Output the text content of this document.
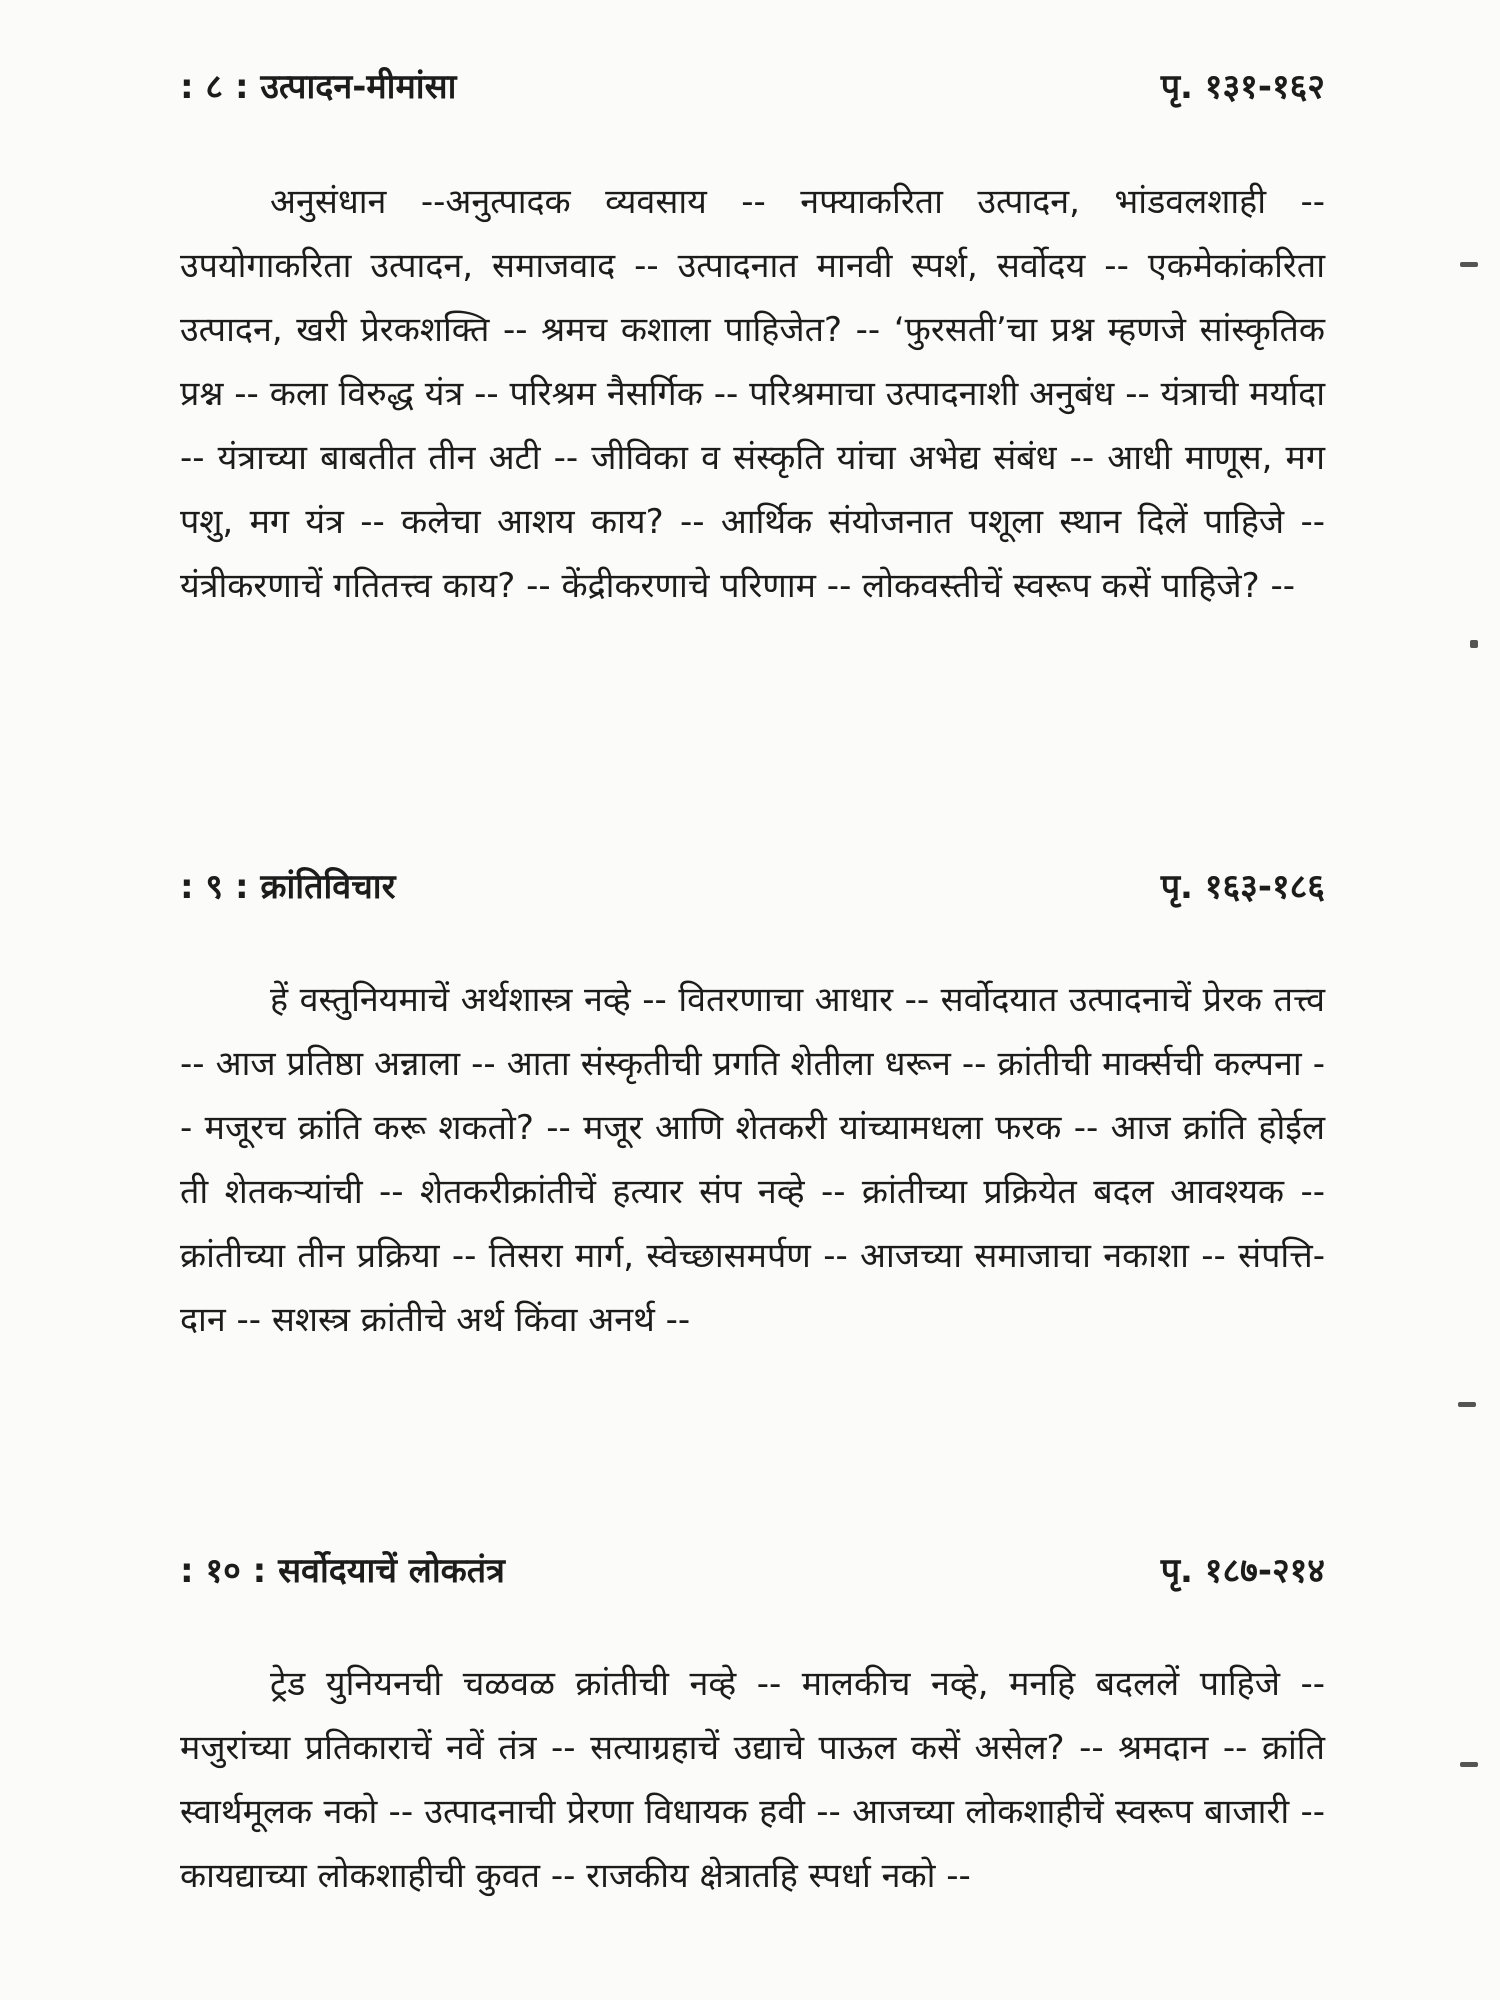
: ८ : उत्पादन-मीमांसा	पृ. १३१-१६२

अनुसंधान --अनुत्पादक व्यवसाय -- नफ्याकरिता उत्पादन, भांडवलशाही -- उपयोगाकरिता उत्पादन, समाजवाद -- उत्पादनात मानवी स्पर्श, सर्वोदय -- एकमेकांकरिता उत्पादन, खरी प्रेरकशक्ति -- श्रमच कशाला पाहिजेत? -- ‘फुरसती’चा प्रश्न म्हणजे सांस्कृतिक प्रश्न -- कला विरुद्ध यंत्र -- परिश्रम नैसर्गिक -- परिश्रमाचा उत्पादनाशी अनुबंध -- यंत्राची मर्यादा -- यंत्राच्या बाबतीत तीन अटी -- जीविका व संस्कृति यांचा अभेद्य संबंध -- आधी माणूस, मग पशु, मग यंत्र -- कलेचा आशय काय? -- आर्थिक संयोजनात पशूला स्थान दिलें पाहिजे -- यंत्रीकरणाचें गतितत्त्व काय? -- केंद्रीकरणाचे परिणाम -- लोकवस्तीचें स्वरूप कसें पाहिजे? --

: ९ : क्रांतिविचार	पृ. १६३-१८६

हें वस्तुनियमाचें अर्थशास्त्र नव्हे -- वितरणाचा आधार -- सर्वोदयात उत्पादनाचें प्रेरक तत्त्व -- आज प्रतिष्ठा अन्नाला -- आता संस्कृतीची प्रगति शेतीला धरून -- क्रांतीची मार्क्सची कल्पना -- मजूरच क्रांति करू शकतो? -- मजूर आणि शेतकरी यांच्यामधला फरक -- आज क्रांति होईल ती शेतकऱ्यांची -- शेतकरीक्रांतीचें हत्यार संप नव्हे -- क्रांतीच्या प्रक्रियेत बदल आवश्यक -- क्रांतीच्या तीन प्रक्रिया -- तिसरा मार्ग, स्वेच्छासमर्पण -- आजच्या समाजाचा नकाशा -- संपत्ति-दान -- सशस्त्र क्रांतीचे अर्थ किंवा अनर्थ --

: १० : सर्वोदयाचें लोकतंत्र	पृ. १८७-२१४

ट्रेड युनियनची चळवळ क्रांतीची नव्हे -- मालकीच नव्हे, मनहि बदललें पाहिजे -- मजुरांच्या प्रतिकाराचें नवें तंत्र -- सत्याग्रहाचें उद्याचे पाऊल कसें असेल? -- श्रमदान -- क्रांति स्वार्थमूलक नको -- उत्पादनाची प्रेरणा विधायक हवी -- आजच्या लोकशाहीचें स्वरूप बाजारी -- कायद्याच्या लोकशाहीची कुवत -- राजकीय क्षेत्रातहि स्पर्धा नको --
